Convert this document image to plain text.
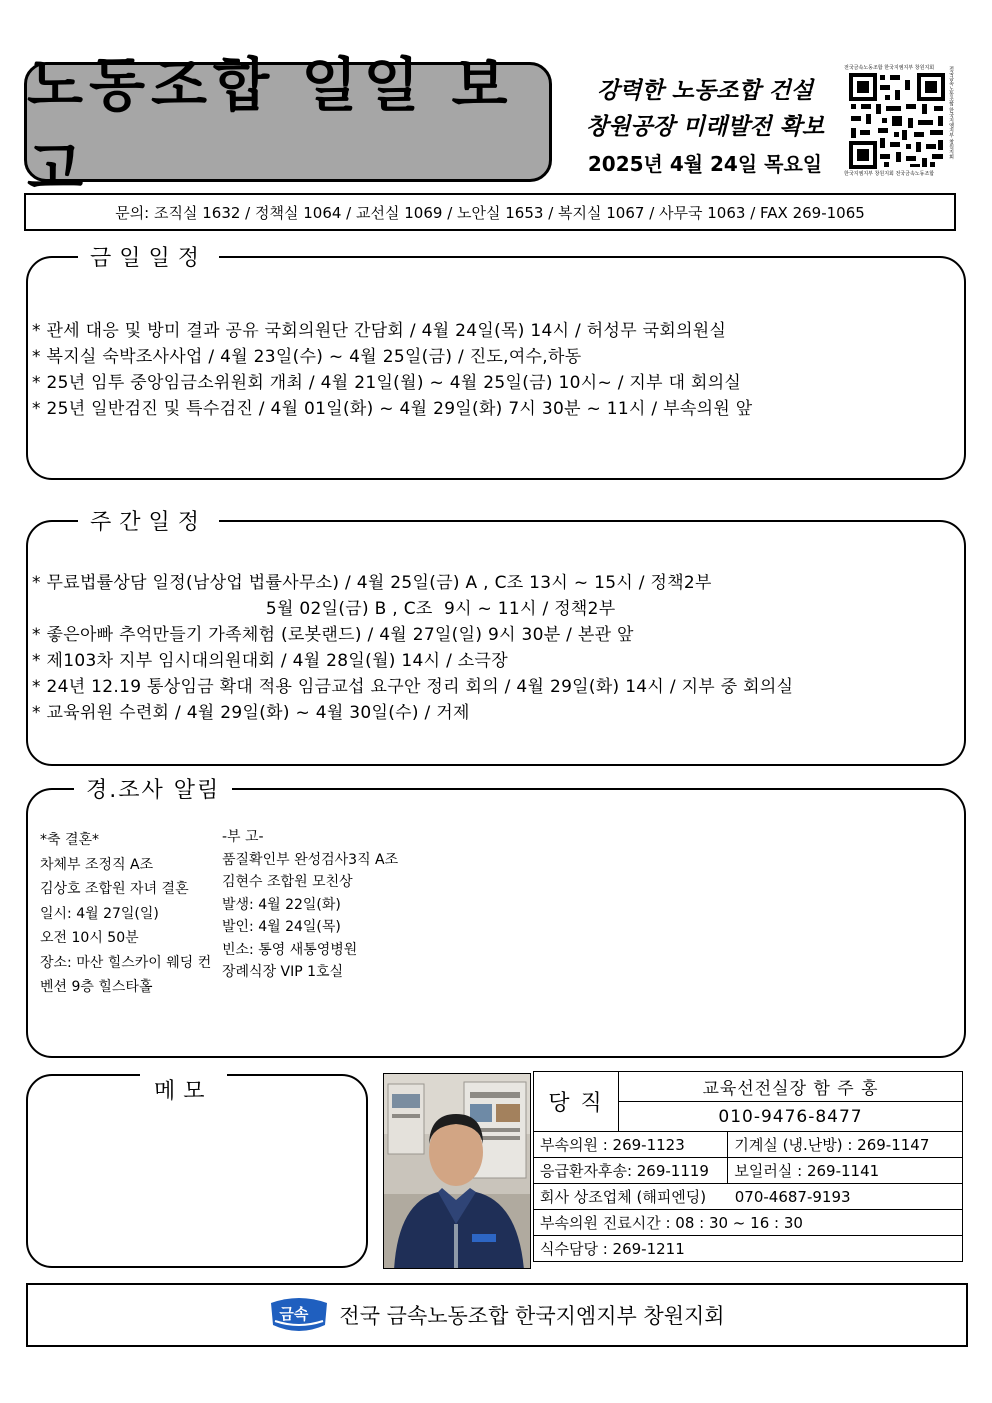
노동조합 일일 보고
강력한 노동조합 건설
창원공장 미래발전 확보
2025년 4월 24일 목요일
전국금속노동조합 한국지엠지부 창원지회
한국지엠지부 창원지회 전국금속노동조합
전국금속노동조합 한국지엠지부 창원지회
문의: 조직실 1632 / 정책실 1064 / 교선실 1069 / 노안실 1653 / 복지실 1067 / 사무국 1063 / FAX 269-1065
금일일정
* 관세 대응 및 방미 결과 공유 국회의원단 간담회 / 4월 24일(목) 14시 / 허성무 국회의원실
* 복지실 숙박조사사업 / 4월 23일(수) ~ 4월 25일(금) / 진도,여수,하동
* 25년 임투 중앙임금소위원회 개최 / 4월 21일(월) ~ 4월 25일(금) 10시~ / 지부 대 회의실
* 25년 일반검진 및 특수검진 / 4월 01일(화) ~ 4월 29일(화) 7시 30분 ~ 11시 / 부속의원 앞
주간일정
* 무료법률상담 일정(남상업 법률사무소) / 4월 25일(금) A , C조 13시 ~ 15시 / 정책2부
5월 02일(금) B , C조  9시 ~ 11시 / 정책2부
* 좋은아빠 추억만들기 가족체험 (로봇랜드) / 4월 27일(일) 9시 30분 / 본관 앞
* 제103차 지부 임시대의원대회 / 4월 28일(월) 14시 / 소극장
* 24년 12.19 통상임금 확대 적용 임금교섭 요구안 정리 회의 / 4월 29일(화) 14시 / 지부 중 회의실
* 교육위원 수련회 / 4월 29일(화) ~ 4월 30일(수) / 거제
경.조사 알림
*축 결혼*
차체부 조정직 A조
김상호 조합원 자녀 결혼
일시: 4월 27일(일)
오전 10시 50분
장소: 마산 힐스카이 웨딩 컨
벤션 9층 힐스타홀
-부 고-
품질확인부 완성검사3직 A조
김현수 조합원 모친상
발생: 4월 22일(화)
발인: 4월 24일(목)
빈소: 통영 새통영병원
장례식장 VIP 1호실
메모	당 직	교육선전실장 함 주 홍	
	010-9476-8477	
부속의원 : 269-1123		기계실 (냉.난방) : 269-1147
응급환자후송: 269-1119		보일러실 : 269-1141
회사 상조업체 (해피엔딩)      070-4687-9193		
부속의원 진료시간 : 08 : 30 ~ 16 : 30		
식수담당 : 269-1211		
금속 전국 금속노동조합 한국지엠지부 창원지회
